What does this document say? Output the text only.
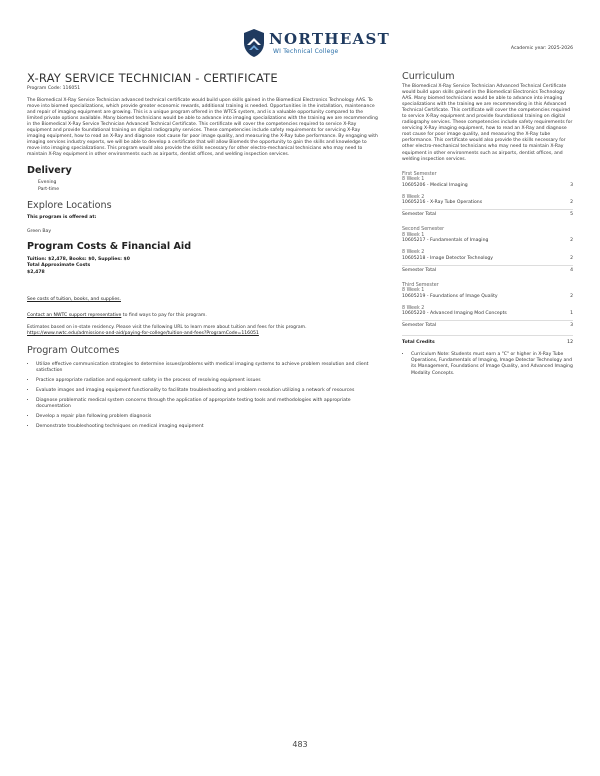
NORTHEAST
WI Technical College	Academic year: 2025-2026
X-RAY SERVICE TECHNICIAN - CERTIFICATE
Program Code: 116051

The Biomedical X-Ray Service Technician advanced technical certificate would build upon skills gained in the Biomedical Electronics Technology AAS. To move into biomed specializations, which provide greater economic rewards, additional training is needed. Opportunities in the installation, maintenance and repair of imaging equipment are growing. This is a unique program offered in the WTCS system, and is a valuable opportunity compared to the limited private options available. Many biomed technicians would be able to advance into imaging specializations with the training we are recommending in the Biomedical X-Ray Service Technician Advanced Technical Certificate. This certificate will cover the competencies required to service X-Ray equipment and provide foundational training on digital radiography services. These competencies include safety requirements for servicing X-Ray imaging equipment, how to read an X-Ray and diagnose root cause for poor image quality, and measuring the X-Ray tube performance. By engaging with imaging services industry experts, we will be able to develop a certificate that will allow Biomeds the opportunity to gain the skills and knowledge to move into imaging specializations. This program would also provide the skills necessary for other electro-mechanical technicians who may need to maintain X-Ray equipment in other environments such as airports, dentist offices, and welding inspection services.

Delivery
Evening
Part-time
Explore Locations
This program is offered at:
Green Bay
Program Costs & Financial Aid
Tuition: $2,478, Books: $0, Supplies: $0
Total Approximate Costs
$2,478
See costs of tuition, books, and supplies.
Contact an NWTC support representative to find ways to pay for this program.

Estimates based on in-state residency. Please visit the following URL to learn more about tuition and fees for this program.
https://www.nwtc.edu/admissions-and-aid/paying-for-college/tuition-and-fees?ProgramCode=116051

Program Outcomes
• Utilize effective communication strategies to determine issues/problems with medical imaging systems to achieve problem resolution and client satisfaction
• Practice appropriate radiation and equipment safety in the process of resolving equipment issues
• Evaluate images and imaging equipment functionality to facilitate troubleshooting and problem resolution utilizing a network of resources
• Diagnose problematic medical system concerns through the application of appropriate testing tools and methodologies with appropriate documentation
• Develop a repair plan following problem diagnosis
• Demonstrate troubleshooting techniques on medical imaging equipment
Curriculum

The Biomedical X-Ray Service Technician Advanced Technical Certificate would build upon skills gained in the Biomedical Electronics Technology AAS. Many biomed technicians would be able to advance into imaging specializations with the training we are recommending in this Advanced Technical Certificate. This certificate will cover the competencies required to service X-Ray equipment and provide foundational training on digital radiography services. These competencies include safety requirements for servicing X-Ray imaging equipment, how to read an X-Ray and diagnose root cause for poor image quality, and measuring the X-Ray tube performance. This certificate would also provide the skills necessary for other electro-mechanical technicians who may need to maintain X-Ray equipment in other environments such as airports, dentist offices, and welding inspection services.

First Semester
8 Week 1
10605206 - Medical Imaging	3
8 Week 2
10605216 - X-Ray Tube Operations	2
Semester Total	5
Second Semester
8 Week 1
10605217 - Fundamentals of Imaging	2
8 Week 2
10605218 - Image Detector Technology	2
Semester Total	4
Third Semester
8 Week 1
10605219 - Foundations of Image Quality	2
8 Week 2
10605220 - Advanced Imaging Mod Concepts	1
Semester Total	3
Total Credits	12
• Curriculum Note: Students must earn a "C" or higher in X-Ray Tube Operations, Fundamentals of Imaging, Image Detector Technology and its Management, Foundations of Image Quality, and Advanced Imaging Modality Concepts.
483
